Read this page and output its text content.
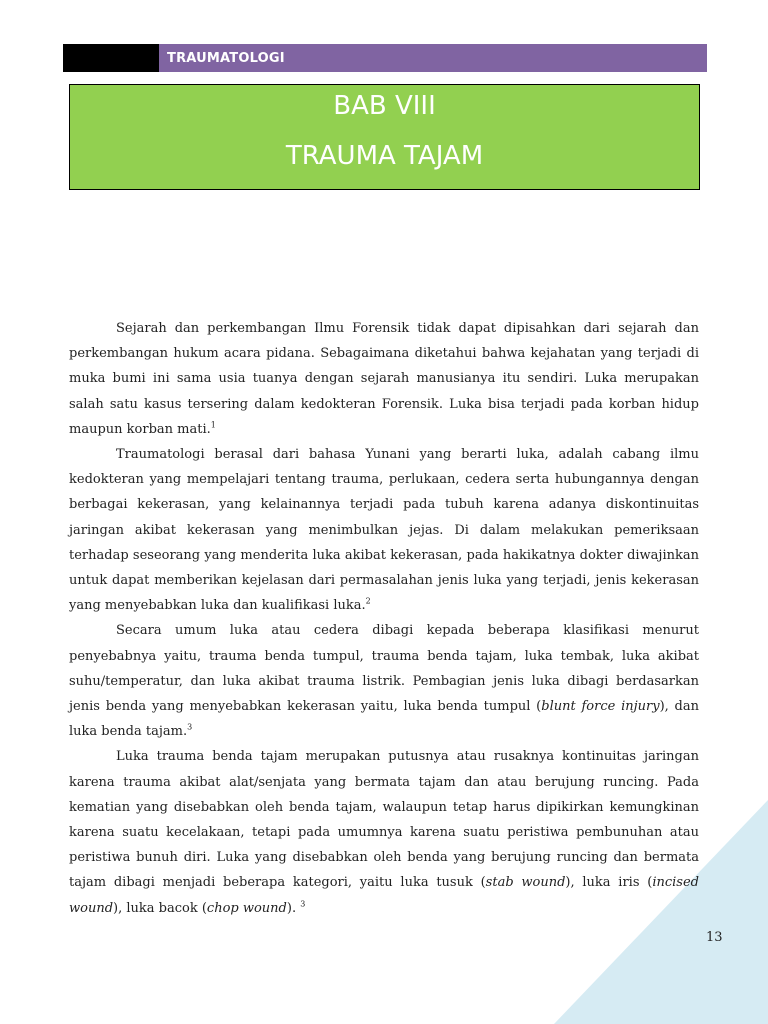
TRAUMATOLOGI
BAB VIII
TRAUMA TAJAM

Sejarah dan perkembangan Ilmu Forensik tidak dapat dipisahkan dari sejarah dan perkembangan hukum acara pidana. Sebagaimana diketahui bahwa kejahatan yang terjadi di muka bumi ini sama usia tuanya dengan sejarah manusianya itu sendiri. Luka merupakan salah satu kasus tersering dalam kedokteran Forensik. Luka bisa terjadi pada korban hidup maupun korban mati.$^1$

Traumatologi berasal dari bahasa Yunani yang berarti luka, adalah cabang ilmu kedokteran yang mempelajari tentang trauma, perlukaan, cedera serta hubungannya dengan berbagai kekerasan, yang kelainannya terjadi pada tubuh karena adanya diskontinuitas jaringan akibat kekerasan yang menimbulkan jejas. Di dalam melakukan pemeriksaan terhadap seseorang yang menderita luka akibat kekerasan, pada hakikatnya dokter diwajinkan untuk dapat memberikan kejelasan dari permasalahan jenis luka yang terjadi, jenis kekerasan yang menyebabkan luka dan kualifikasi luka.$^2$

Secara umum luka atau cedera dibagi kepada beberapa klasifikasi menurut penyebabnya yaitu, trauma benda tumpul, trauma benda tajam, luka tembak, luka akibat suhu/temperatur, dan luka akibat trauma listrik. Pembagian jenis luka dibagi berdasarkan jenis benda yang menyebabkan kekerasan yaitu, luka benda tumpul (blunt force injury), dan luka benda tajam.$^3$

Luka trauma benda tajam merupakan putusnya atau rusaknya kontinuitas jaringan karena trauma akibat alat/senjata yang bermata tajam dan atau berujung runcing. Pada kematian yang disebabkan oleh benda tajam, walaupun tetap harus dipikirkan kemungkinan karena suatu kecelakaan, tetapi pada umumnya karena suatu peristiwa pembunuhan atau peristiwa bunuh diri. Luka yang disebabkan oleh benda yang berujung runcing dan bermata tajam dibagi menjadi beberapa kategori, yaitu luka tusuk (stab wound), luka iris (incised wound), luka bacok (chop wound). $^3$

13
